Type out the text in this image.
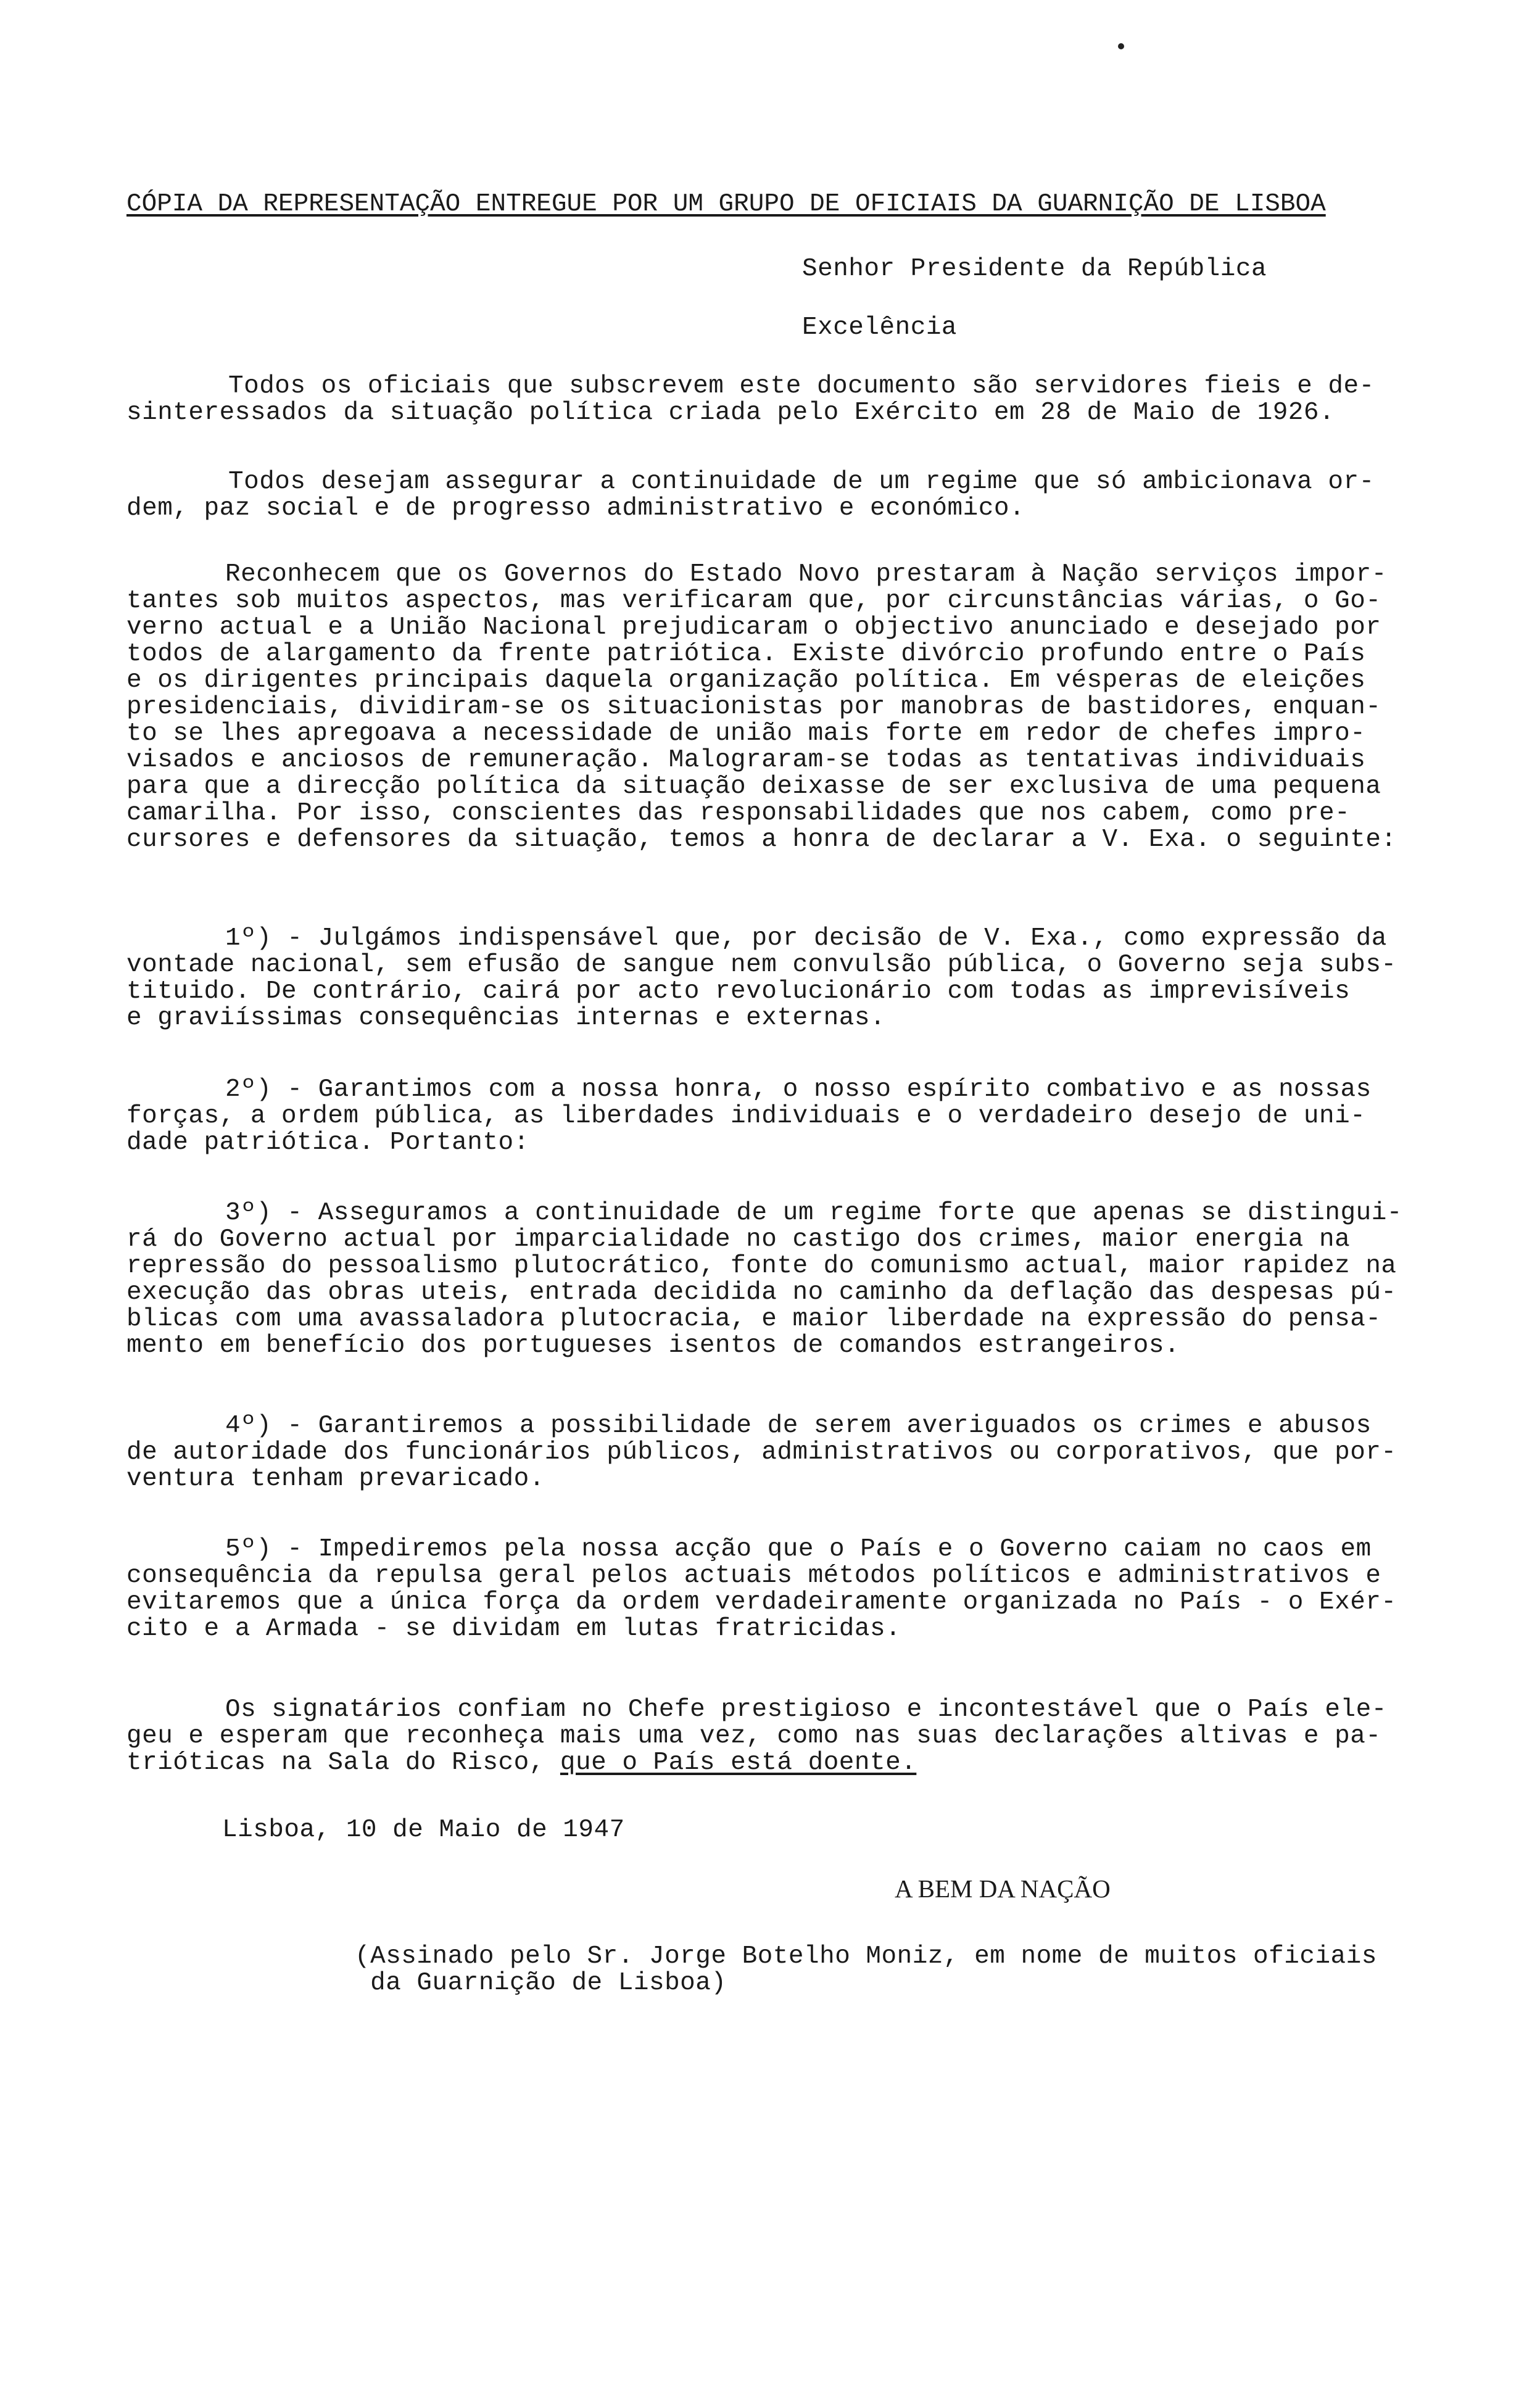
CÓPIA DA REPRESENTAÇÃO ENTREGUE POR UM GRUPO DE OFICIAIS DA GUARNIÇÃO DE LISBOA
Senhor Presidente da República
Excelência
Todos os oficiais que subscrevem este documento são servidores fieis e de-
sinteressados da situação política criada pelo Exército em 28 de Maio de 1926.
Todos desejam assegurar a continuidade de um regime que só ambicionava or-
dem, paz social e de progresso administrativo e económico.
Reconhecem que os Governos do Estado Novo prestaram à Nação serviços impor-
tantes sob muitos aspectos, mas verificaram que, por circunstâncias várias, o Go-
verno actual e a União Nacional prejudicaram o objectivo anunciado e desejado por
todos de alargamento da frente patriótica. Existe divórcio profundo entre o País
e os dirigentes principais daquela organização política. Em vésperas de eleições
presidenciais, dividiram-se os situacionistas por manobras de bastidores, enquan-
to se lhes apregoava a necessidade de união mais forte em redor de chefes impro-
visados e anciosos de remuneração. Malograram-se todas as tentativas individuais
para que a direcção política da situação deixasse de ser exclusiva de uma pequena
camarilha. Por isso, conscientes das responsabilidades que nos cabem, como pre-
cursores e defensores da situação, temos a honra de declarar a V. Exa. o seguinte:
1º) - Julgámos indispensável que, por decisão de V. Exa., como expressão da
vontade nacional, sem efusão de sangue nem convulsão pública, o Governo seja subs-
tituido. De contrário, cairá por acto revolucionário com todas as imprevisíveis
e graviíssimas consequências internas e externas.
2º) - Garantimos com a nossa honra, o nosso espírito combativo e as nossas
forças, a ordem pública, as liberdades individuais e o verdadeiro desejo de uni-
dade patriótica. Portanto:
3º) - Asseguramos a continuidade de um regime forte que apenas se distingui-
rá do Governo actual por imparcialidade no castigo dos crimes, maior energia na
repressão do pessoalismo plutocrático, fonte do comunismo actual, maior rapidez na
execução das obras uteis, entrada decidida no caminho da deflação das despesas pú-
blicas com uma avassaladora plutocracia, e maior liberdade na expressão do pensa-
mento em benefício dos portugueses isentos de comandos estrangeiros.
4º) - Garantiremos a possibilidade de serem averiguados os crimes e abusos
de autoridade dos funcionários públicos, administrativos ou corporativos, que por-
ventura tenham prevaricado.
5º) - Impediremos pela nossa acção que o País e o Governo caiam no caos em
consequência da repulsa geral pelos actuais métodos políticos e administrativos e
evitaremos que a única força da ordem verdadeiramente organizada no País - o Exér-
cito e a Armada - se dividam em lutas fratricidas.
Os signatários confiam no Chefe prestigioso e incontestável que o País ele-
geu e esperam que reconheça mais uma vez, como nas suas declarações altivas e pa-
trióticas na Sala do Risco, que o País está doente.
Lisboa, 10 de Maio de 1947
A BEM DA NAÇÃO
(Assinado pelo Sr. Jorge Botelho Moniz, em nome de muitos oficiais
da Guarnição de Lisboa)
